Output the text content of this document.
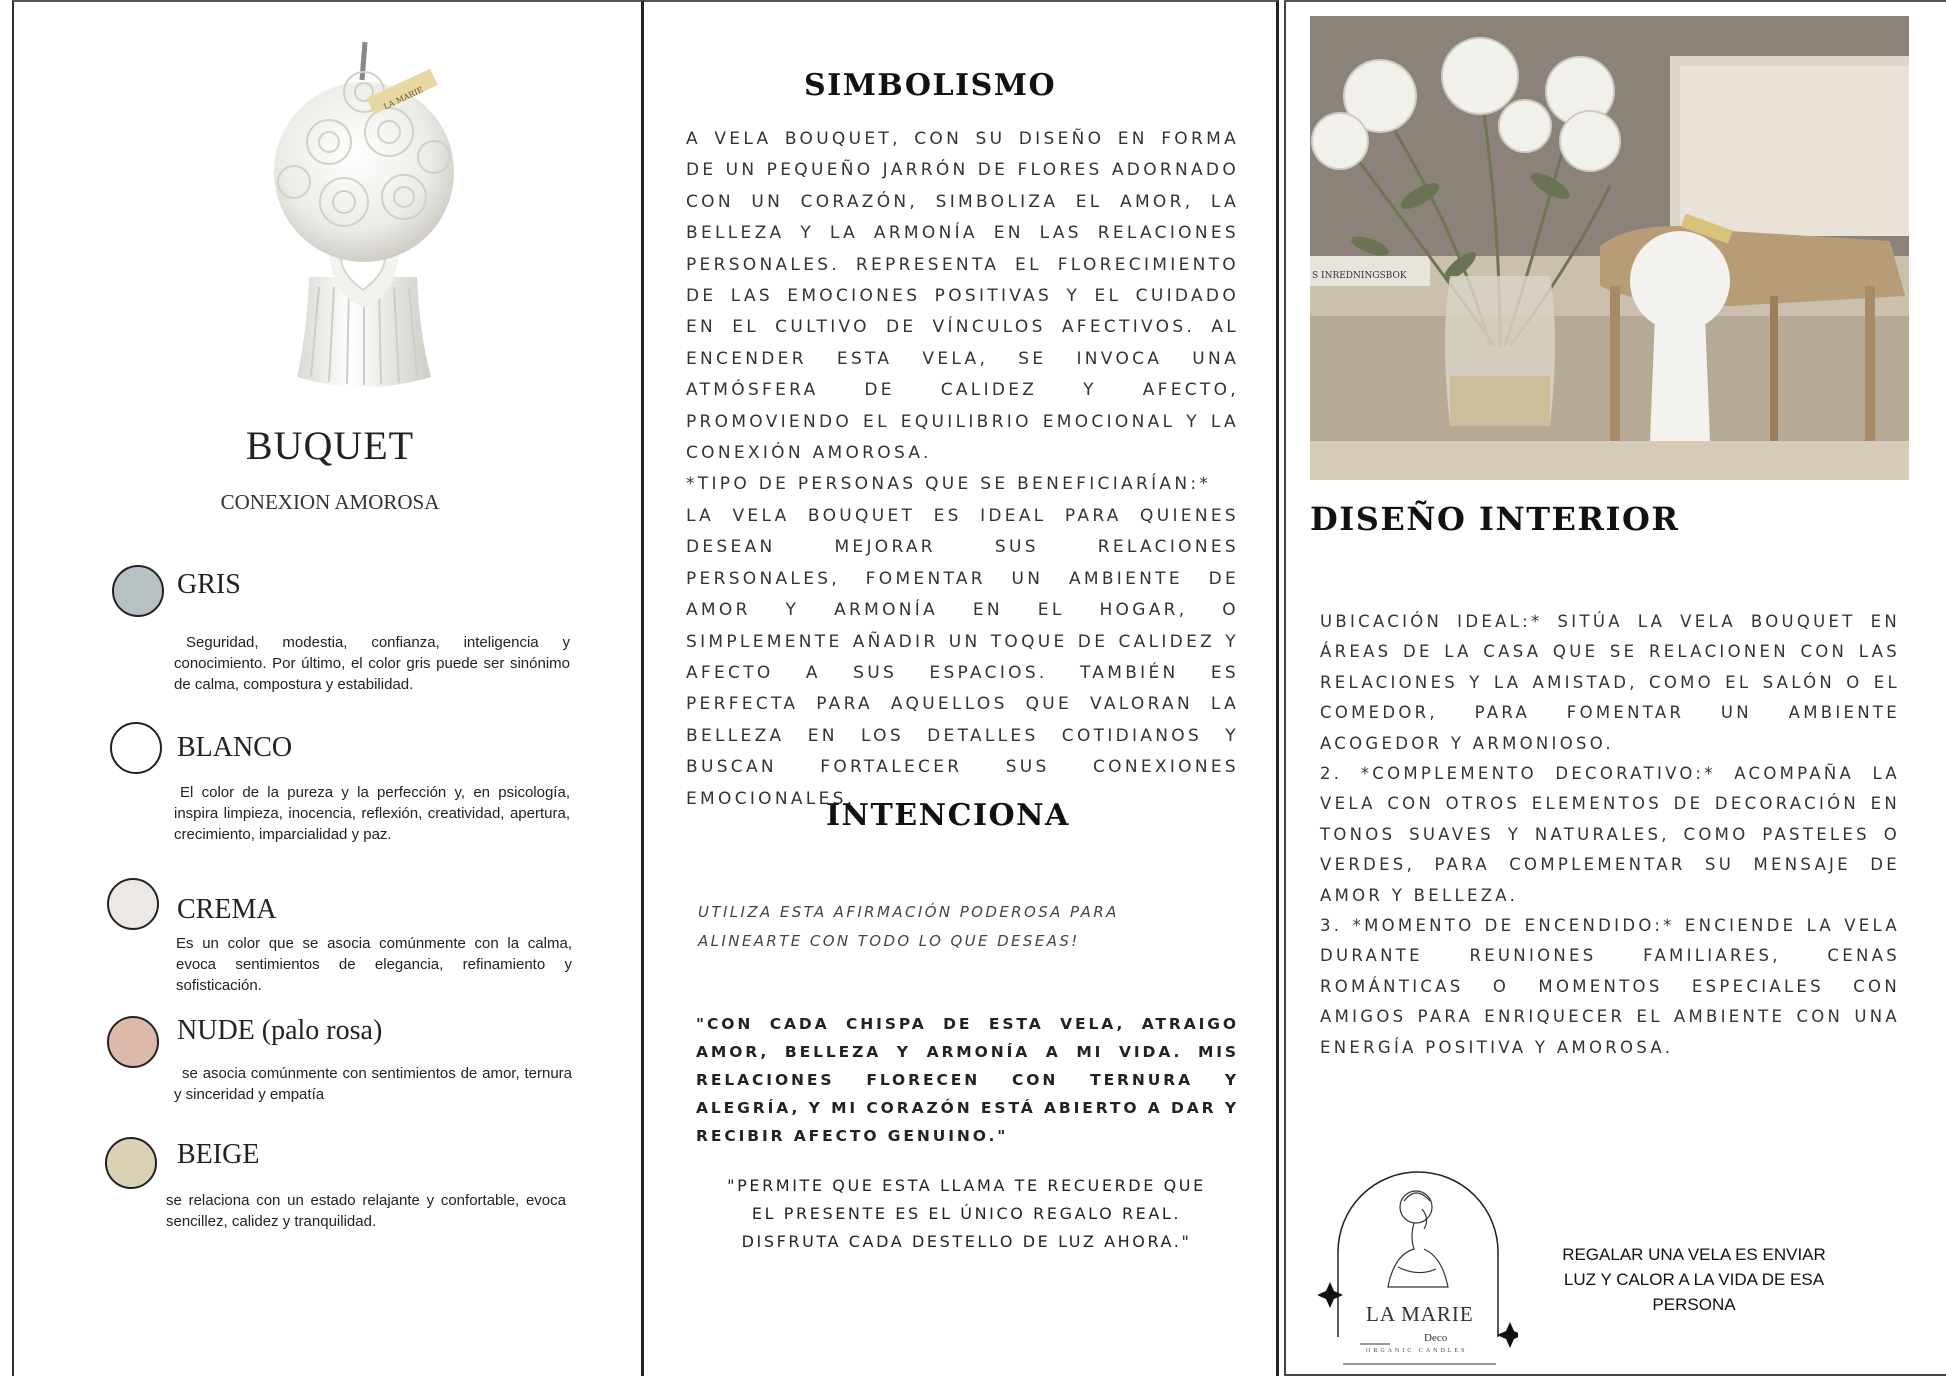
LA MARIE
BUQUET
CONEXION AMOROSA
GRIS
Seguridad, modestia, confianza, inteligencia y conocimiento. Por último, el color gris puede ser sinónimo de calma, compostura y estabilidad.
BLANCO
El color de la pureza y la perfección y, en psicología, inspira limpieza, inocencia, reflexión, creatividad, apertura, crecimiento, imparcialidad y paz.
CREMA
Es un color que se asocia comúnmente con la calma, evoca sentimientos de elegancia, refinamiento y sofisticación.
NUDE (palo rosa)
se asocia comúnmente con sentimientos de amor, ternura y sinceridad y empatía
BEIGE
se relaciona con un estado relajante y confortable, evoca sencillez, calidez y tranquilidad.
SIMBOLISMO
A VELA BOUQUET, CON SU DISEÑO EN FORMA DE UN PEQUEÑO JARRÓN DE FLORES ADORNADO CON UN CORAZÓN, SIMBOLIZA EL AMOR, LA BELLEZA Y LA ARMONÍA EN LAS RELACIONES PERSONALES. REPRESENTA EL FLORECIMIENTO DE LAS EMOCIONES POSITIVAS Y EL CUIDADO EN EL CULTIVO DE VÍNCULOS AFECTIVOS. AL ENCENDER ESTA VELA, SE INVOCA UNA ATMÓSFERA DE CALIDEZ Y AFECTO, PROMOVIENDO EL EQUILIBRIO EMOCIONAL Y LA CONEXIÓN AMOROSA.
*TIPO DE PERSONAS QUE SE BENEFICIARÍAN:*
LA VELA BOUQUET ES IDEAL PARA QUIENES DESEAN MEJORAR SUS RELACIONES PERSONALES, FOMENTAR UN AMBIENTE DE AMOR Y ARMONÍA EN EL HOGAR, O SIMPLEMENTE AÑADIR UN TOQUE DE CALIDEZ Y AFECTO A SUS ESPACIOS. TAMBIÉN ES PERFECTA PARA AQUELLOS QUE VALORAN LA BELLEZA EN LOS DETALLES COTIDIANOS Y BUSCAN FORTALECER SUS CONEXIONES EMOCIONALES.
INTENCIONA
UTILIZA ESTA AFIRMACIÓN PODEROSA PARA ALINEARTE CON TODO LO QUE DESEAS!
"CON CADA CHISPA DE ESTA VELA, ATRAIGO AMOR, BELLEZA Y ARMONÍA A MI VIDA. MIS RELACIONES FLORECEN CON TERNURA Y ALEGRÍA, Y MI CORAZÓN ESTÁ ABIERTO A DAR Y RECIBIR AFECTO GENUINO."
"PERMITE QUE ESTA LLAMA TE RECUERDE QUE EL PRESENTE ES EL ÚNICO REGALO REAL. DISFRUTA CADA DESTELLO DE LUZ AHORA."
S INREDNINGSBOK
DISEÑO INTERIOR
UBICACIÓN IDEAL:* SITÚA LA VELA BOUQUET EN ÁREAS DE LA CASA QUE SE RELACIONEN CON LAS RELACIONES Y LA AMISTAD, COMO EL SALÓN O EL COMEDOR, PARA FOMENTAR UN AMBIENTE ACOGEDOR Y ARMONIOSO.
2. *COMPLEMENTO DECORATIVO:* ACOMPAÑA LA VELA CON OTROS ELEMENTOS DE DECORACIÓN EN TONOS SUAVES Y NATURALES, COMO PASTELES O VERDES, PARA COMPLEMENTAR SU MENSAJE DE AMOR Y BELLEZA.
3. *MOMENTO DE ENCENDIDO:* ENCIENDE LA VELA DURANTE REUNIONES FAMILIARES, CENAS ROMÁNTICAS O MOMENTOS ESPECIALES CON AMIGOS PARA ENRIQUECER EL AMBIENTE CON UNA ENERGÍA POSITIVA Y AMOROSA.
LA MARIE
Deco
ORGANIC CANDLES
REGALAR UNA VELA ES ENVIAR LUZ Y CALOR A LA VIDA DE ESA PERSONA
